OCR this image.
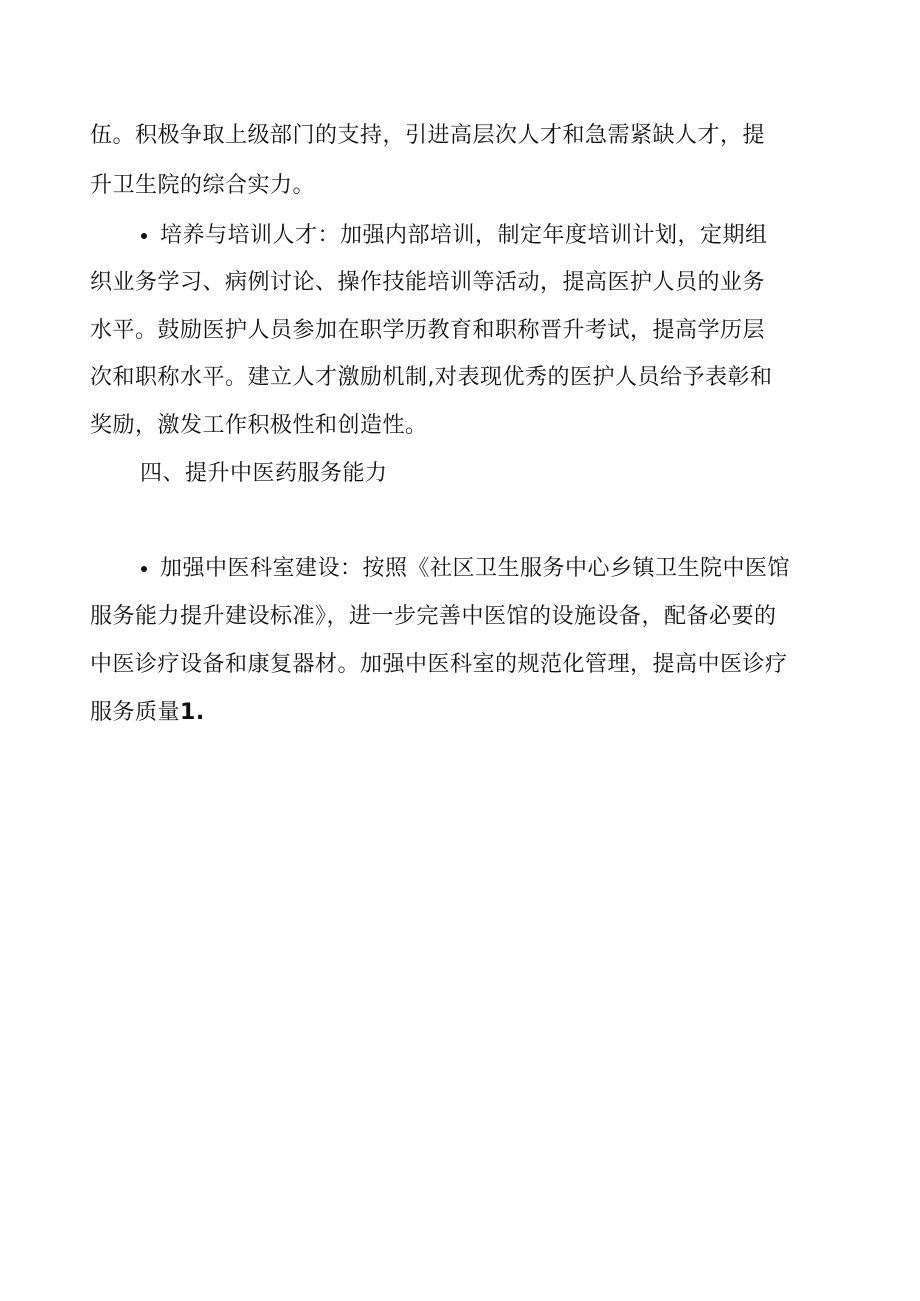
伍。积极争取上级部门的支持，引进高层次人才和急需紧缺人才，提
升卫生院的综合实力。
培养与培训人才：加强内部培训，制定年度培训计划，定期组
织业务学习、病例讨论、操作技能培训等活动，提高医护人员的业务
水平。鼓励医护人员参加在职学历教育和职称晋升考试，提高学历层
次和职称水平。建立人才激励机制,对表现优秀的医护人员给予表彰和
奖励，激发工作积极性和创造性。
四、提升中医药服务能力
加强中医科室建设：按照《社区卫生服务中心乡镇卫生院中医馆
服务能力提升建设标准》，进一步完善中医馆的设施设备，配备必要的
中医诊疗设备和康复器材。加强中医科室的规范化管理，提高中医诊疗
服务质量1.
